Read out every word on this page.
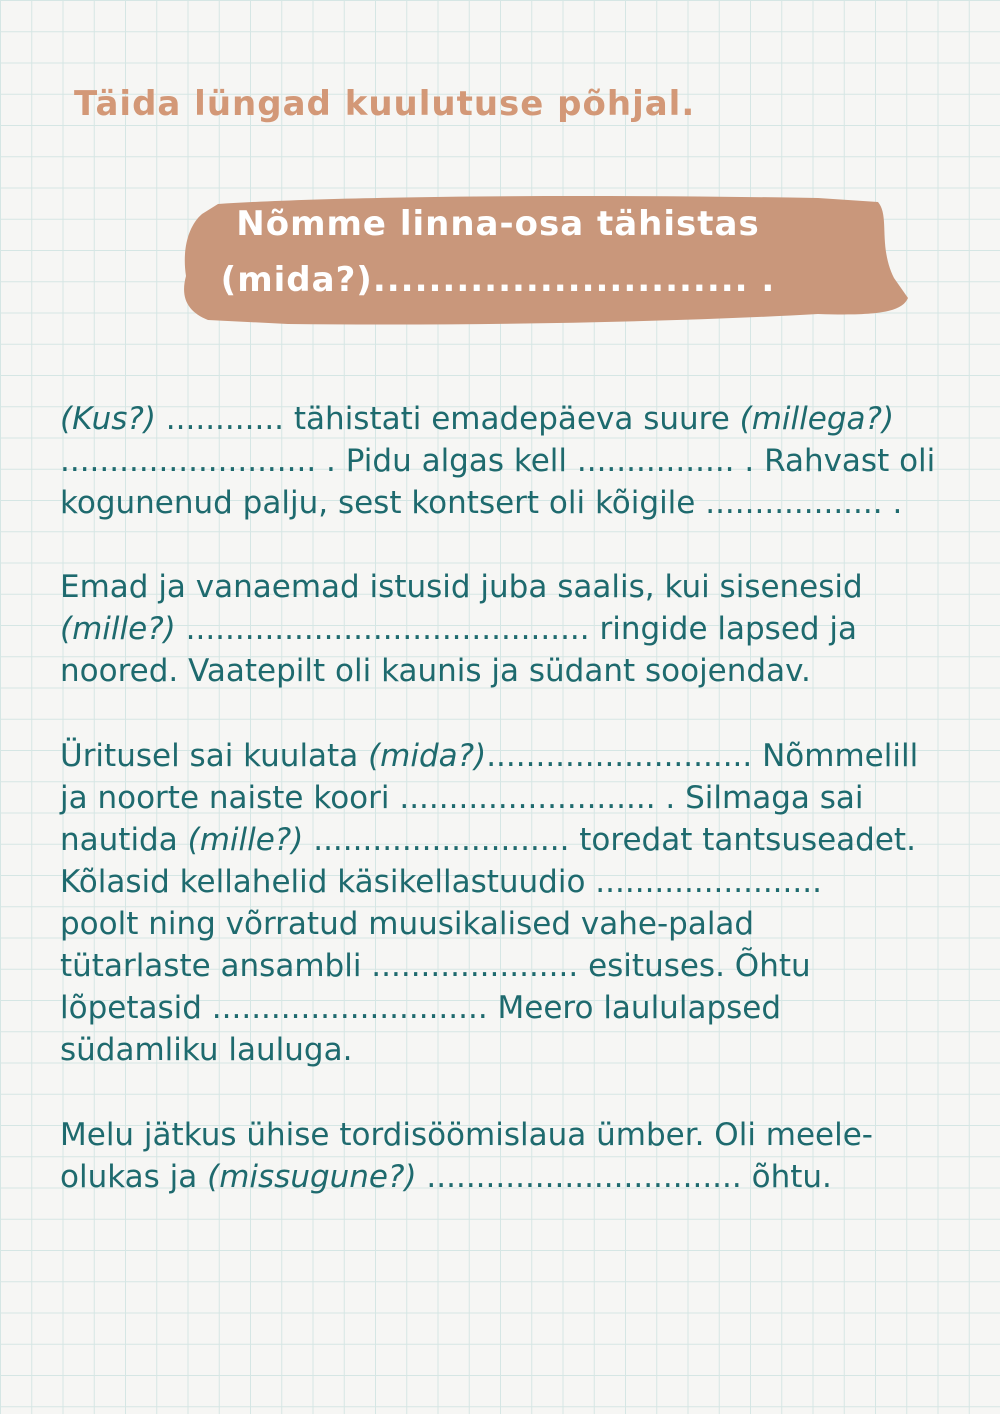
Täida lüngad kuulutuse põhjal.
Nõmme linna-osa tähistas
(mida?)........................... .
(Kus?) ............ tähistati emadepäeva suure (millega?)
.......................... . Pidu algas kell ................ . Rahvast oli
kogunenud palju, sest kontsert oli kõigile .................. .
Emad ja vanaemad istusid juba saalis, kui sisenesid
(mille?) ......................................... ringide lapsed ja
noored. Vaatepilt oli kaunis ja südant soojendav.
Üritusel sai kuulata (mida?)........................... Nõmmelill
ja noorte naiste koori .......................... . Silmaga sai
nautida (mille?) .......................... toredat tantsuseadet.
Kõlasid kellahelid käsikellastuudio .......................
poolt ning võrratud muusikalised vahe-palad
tütarlaste ansambli ..................... esituses. Õhtu
lõpetasid ............................ Meero laululapsed
südamliku lauluga.
Melu jätkus ühise tordisöömislaua ümber. Oli meele-
olukas ja (missugune?) ................................ õhtu.
